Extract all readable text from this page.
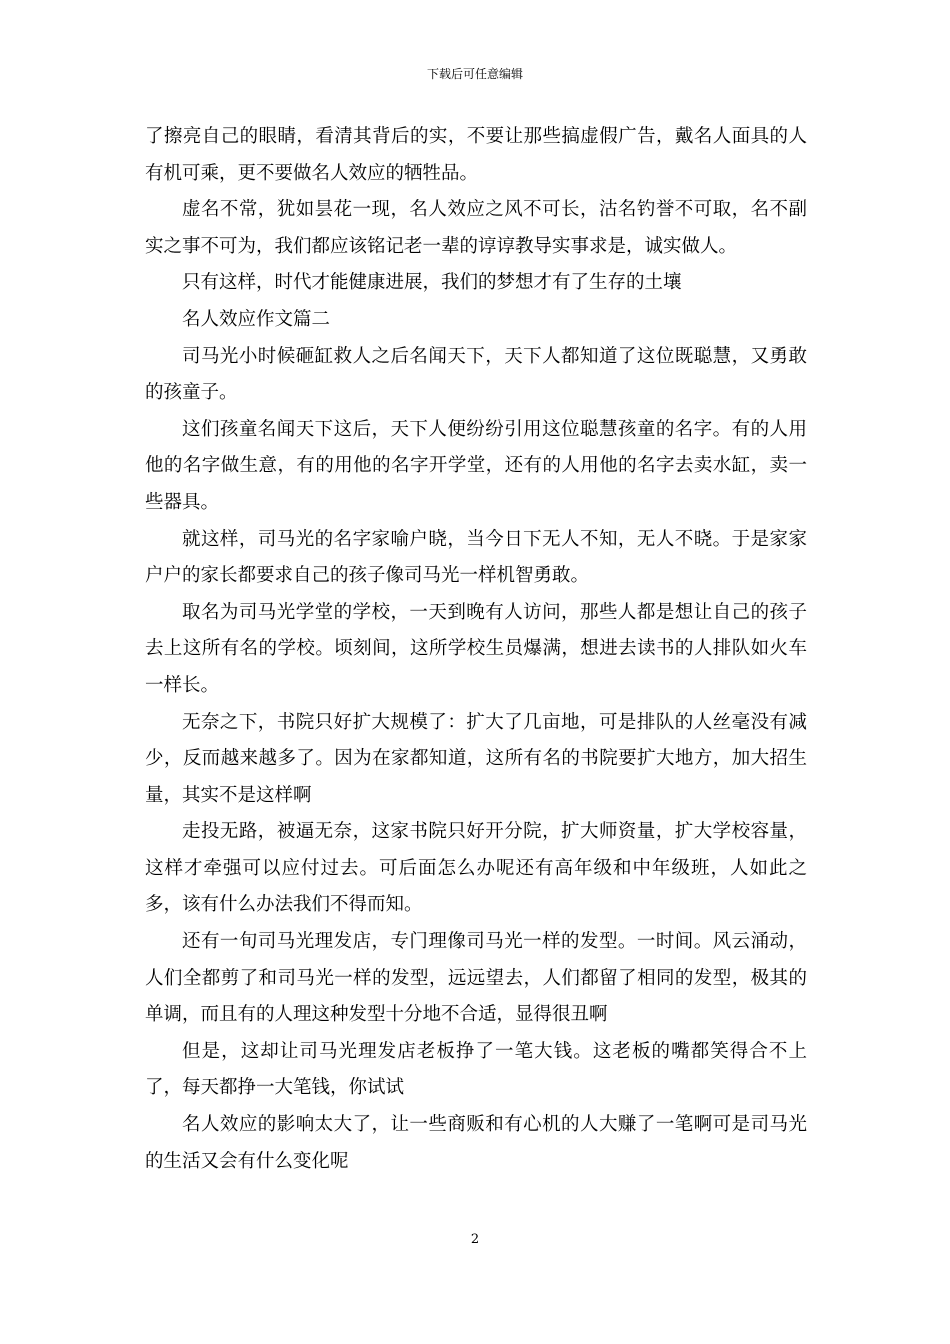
下载后可任意编辑

了擦亮自己的眼睛，看清其背后的实，不要让那些搞虚假广告，戴名人面具的人有机可乘，更不要做名人效应的牺牲品。

虚名不常，犹如昙花一现，名人效应之风不可长，沽名钓誉不可取，名不副实之事不可为，我们都应该铭记老一辈的谆谆教导实事求是，诚实做人。

只有这样，时代才能健康进展，我们的梦想才有了生存的土壤

名人效应作文篇二

司马光小时候砸缸救人之后名闻天下，天下人都知道了这位既聪慧，又勇敢的孩童子。

这们孩童名闻天下这后，天下人便纷纷引用这位聪慧孩童的名字。有的人用他的名字做生意，有的用他的名字开学堂，还有的人用他的名字去卖水缸，卖一些器具。

就这样，司马光的名字家喻户晓，当今日下无人不知，无人不晓。于是家家户户的家长都要求自己的孩子像司马光一样机智勇敢。

取名为司马光学堂的学校，一天到晚有人访问，那些人都是想让自己的孩子去上这所有名的学校。顷刻间，这所学校生员爆满，想进去读书的人排队如火车一样长。

无奈之下，书院只好扩大规模了：扩大了几亩地，可是排队的人丝毫没有减少，反而越来越多了。因为在家都知道，这所有名的书院要扩大地方，加大招生量，其实不是这样啊

走投无路，被逼无奈，这家书院只好开分院，扩大师资量，扩大学校容量，这样才牵强可以应付过去。可后面怎么办呢还有高年级和中年级班，人如此之多，该有什么办法我们不得而知。

还有一旬司马光理发店，专门理像司马光一样的发型。一时间。风云涌动，人们全都剪了和司马光一样的发型，远远望去，人们都留了相同的发型，极其的单调，而且有的人理这种发型十分地不合适，显得很丑啊

但是，这却让司马光理发店老板挣了一笔大钱。这老板的嘴都笑得合不上了，每天都挣一大笔钱，你试试

名人效应的影响太大了，让一些商贩和有心机的人大赚了一笔啊可是司马光的生活又会有什么变化呢

2
